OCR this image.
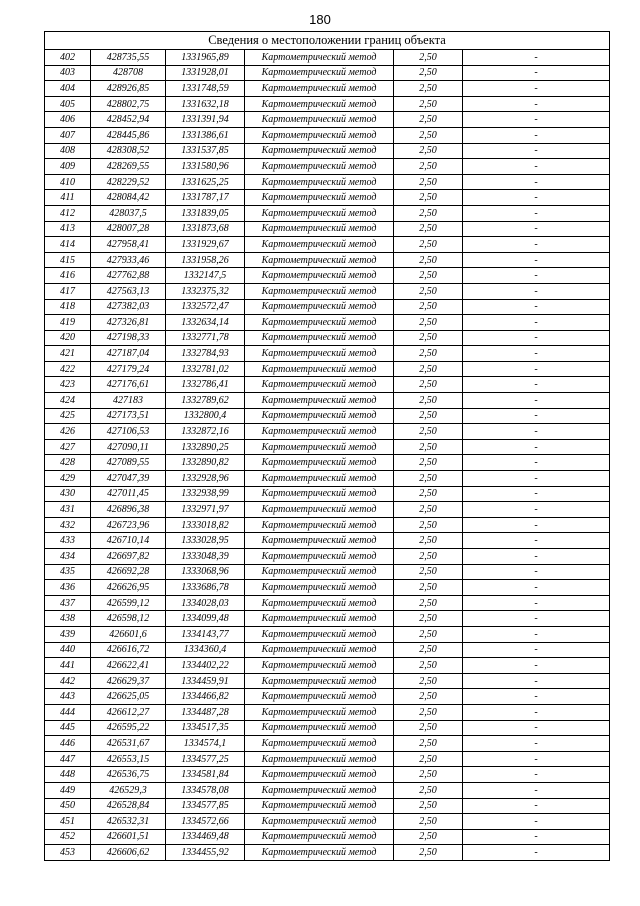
180
Сведения о местоположении границ объекта					
402	428735,55	1331965,89	Картометрический метод	2,50	-
403	428708	1331928,01	Картометрический метод	2,50	-
404	428926,85	1331748,59	Картометрический метод	2,50	-
405	428802,75	1331632,18	Картометрический метод	2,50	-
406	428452,94	1331391,94	Картометрический метод	2,50	-
407	428445,86	1331386,61	Картометрический метод	2,50	-
408	428308,52	1331537,85	Картометрический метод	2,50	-
409	428269,55	1331580,96	Картометрический метод	2,50	-
410	428229,52	1331625,25	Картометрический метод	2,50	-
411	428084,42	1331787,17	Картометрический метод	2,50	-
412	428037,5	1331839,05	Картометрический метод	2,50	-
413	428007,28	1331873,68	Картометрический метод	2,50	-
414	427958,41	1331929,67	Картометрический метод	2,50	-
415	427933,46	1331958,26	Картометрический метод	2,50	-
416	427762,88	1332147,5	Картометрический метод	2,50	-
417	427563,13	1332375,32	Картометрический метод	2,50	-
418	427382,03	1332572,47	Картометрический метод	2,50	-
419	427326,81	1332634,14	Картометрический метод	2,50	-
420	427198,33	1332771,78	Картометрический метод	2,50	-
421	427187,04	1332784,93	Картометрический метод	2,50	-
422	427179,24	1332781,02	Картометрический метод	2,50	-
423	427176,61	1332786,41	Картометрический метод	2,50	-
424	427183	1332789,62	Картометрический метод	2,50	-
425	427173,51	1332800,4	Картометрический метод	2,50	-
426	427106,53	1332872,16	Картометрический метод	2,50	-
427	427090,11	1332890,25	Картометрический метод	2,50	-
428	427089,55	1332890,82	Картометрический метод	2,50	-
429	427047,39	1332928,96	Картометрический метод	2,50	-
430	427011,45	1332938,99	Картометрический метод	2,50	-
431	426896,38	1332971,97	Картометрический метод	2,50	-
432	426723,96	1333018,82	Картометрический метод	2,50	-
433	426710,14	1333028,95	Картометрический метод	2,50	-
434	426697,82	1333048,39	Картометрический метод	2,50	-
435	426692,28	1333068,96	Картометрический метод	2,50	-
436	426626,95	1333686,78	Картометрический метод	2,50	-
437	426599,12	1334028,03	Картометрический метод	2,50	-
438	426598,12	1334099,48	Картометрический метод	2,50	-
439	426601,6	1334143,77	Картометрический метод	2,50	-
440	426616,72	1334360,4	Картометрический метод	2,50	-
441	426622,41	1334402,22	Картометрический метод	2,50	-
442	426629,37	1334459,91	Картометрический метод	2,50	-
443	426625,05	1334466,82	Картометрический метод	2,50	-
444	426612,27	1334487,28	Картометрический метод	2,50	-
445	426595,22	1334517,35	Картометрический метод	2,50	-
446	426531,67	1334574,1	Картометрический метод	2,50	-
447	426553,15	1334577,25	Картометрический метод	2,50	-
448	426536,75	1334581,84	Картометрический метод	2,50	-
449	426529,3	1334578,08	Картометрический метод	2,50	-
450	426528,84	1334577,85	Картометрический метод	2,50	-
451	426532,31	1334572,66	Картометрический метод	2,50	-
452	426601,51	1334469,48	Картометрический метод	2,50	-
453	426606,62	1334455,92	Картометрический метод	2,50	-
